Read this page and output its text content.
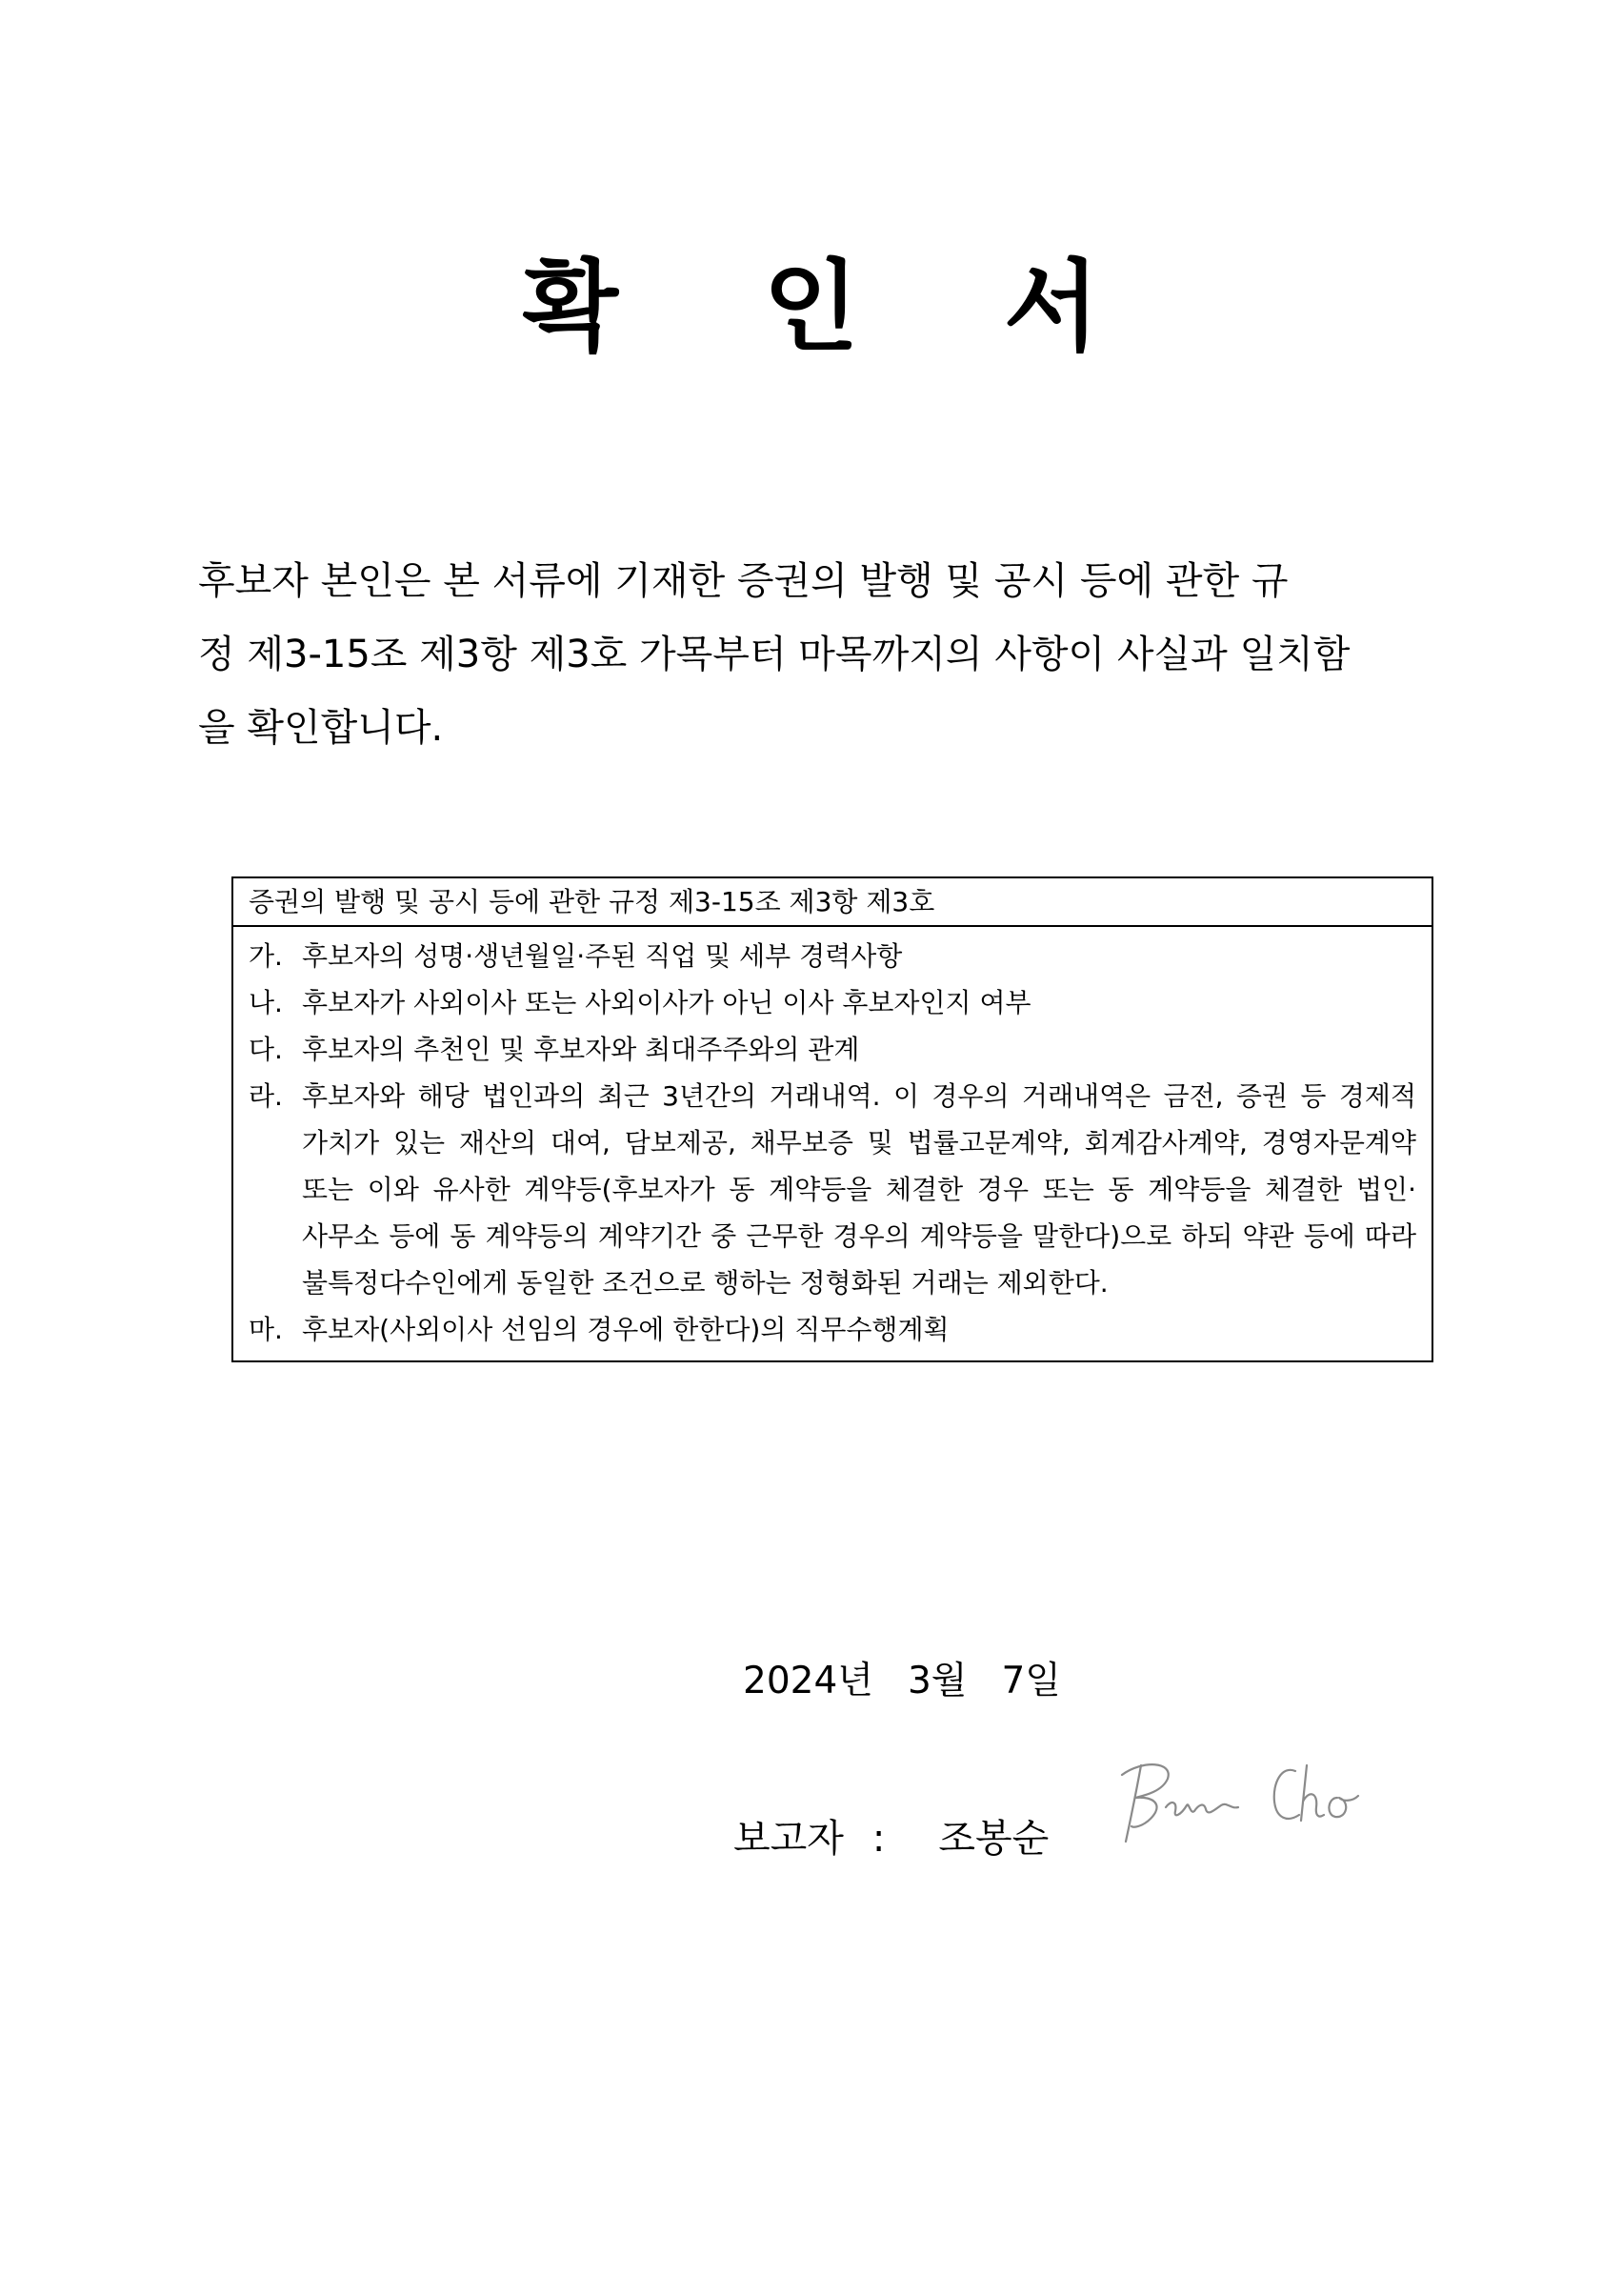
확 인 서

후보자 본인은 본 서류에 기재한 증권의 발행 및 공시 등에 관한 규
정 제3-15조 제3항 제3호 가목부터 마목까지의 사항이 사실과 일치함
을 확인합니다.

증권의 발행 및 공시 등에 관한 규정 제3-15조 제3항 제3호
가. 후보자의 성명·생년월일·주된 직업 및 세부 경력사항
나. 후보자가 사외이사 또는 사외이사가 아닌 이사 후보자인지 여부
다. 후보자의 추천인 및 후보자와 최대주주와의 관계
라. 후보자와 해당 법인과의 최근 3년간의 거래내역. 이 경우의 거래내역은 금전, 증권 등 경제적 가치가 있는 재산의 대여, 담보제공, 채무보증 및 법률고문계약, 회계감사계약, 경영자문계약 또는 이와 유사한 계약등(후보자가 동 계약등을 체결한 경우 또는 동 계약등을 체결한 법인·사무소 등에 동 계약등의 계약기간 중 근무한 경우의 계약등을 말한다)으로 하되 약관 등에 따라 불특정다수인에게 동일한 조건으로 행하는 정형화된 거래는 제외한다.
마. 후보자(사외이사 선임의 경우에 한한다)의 직무수행계획

2024년 3월 7일

보고자 : 조봉순
